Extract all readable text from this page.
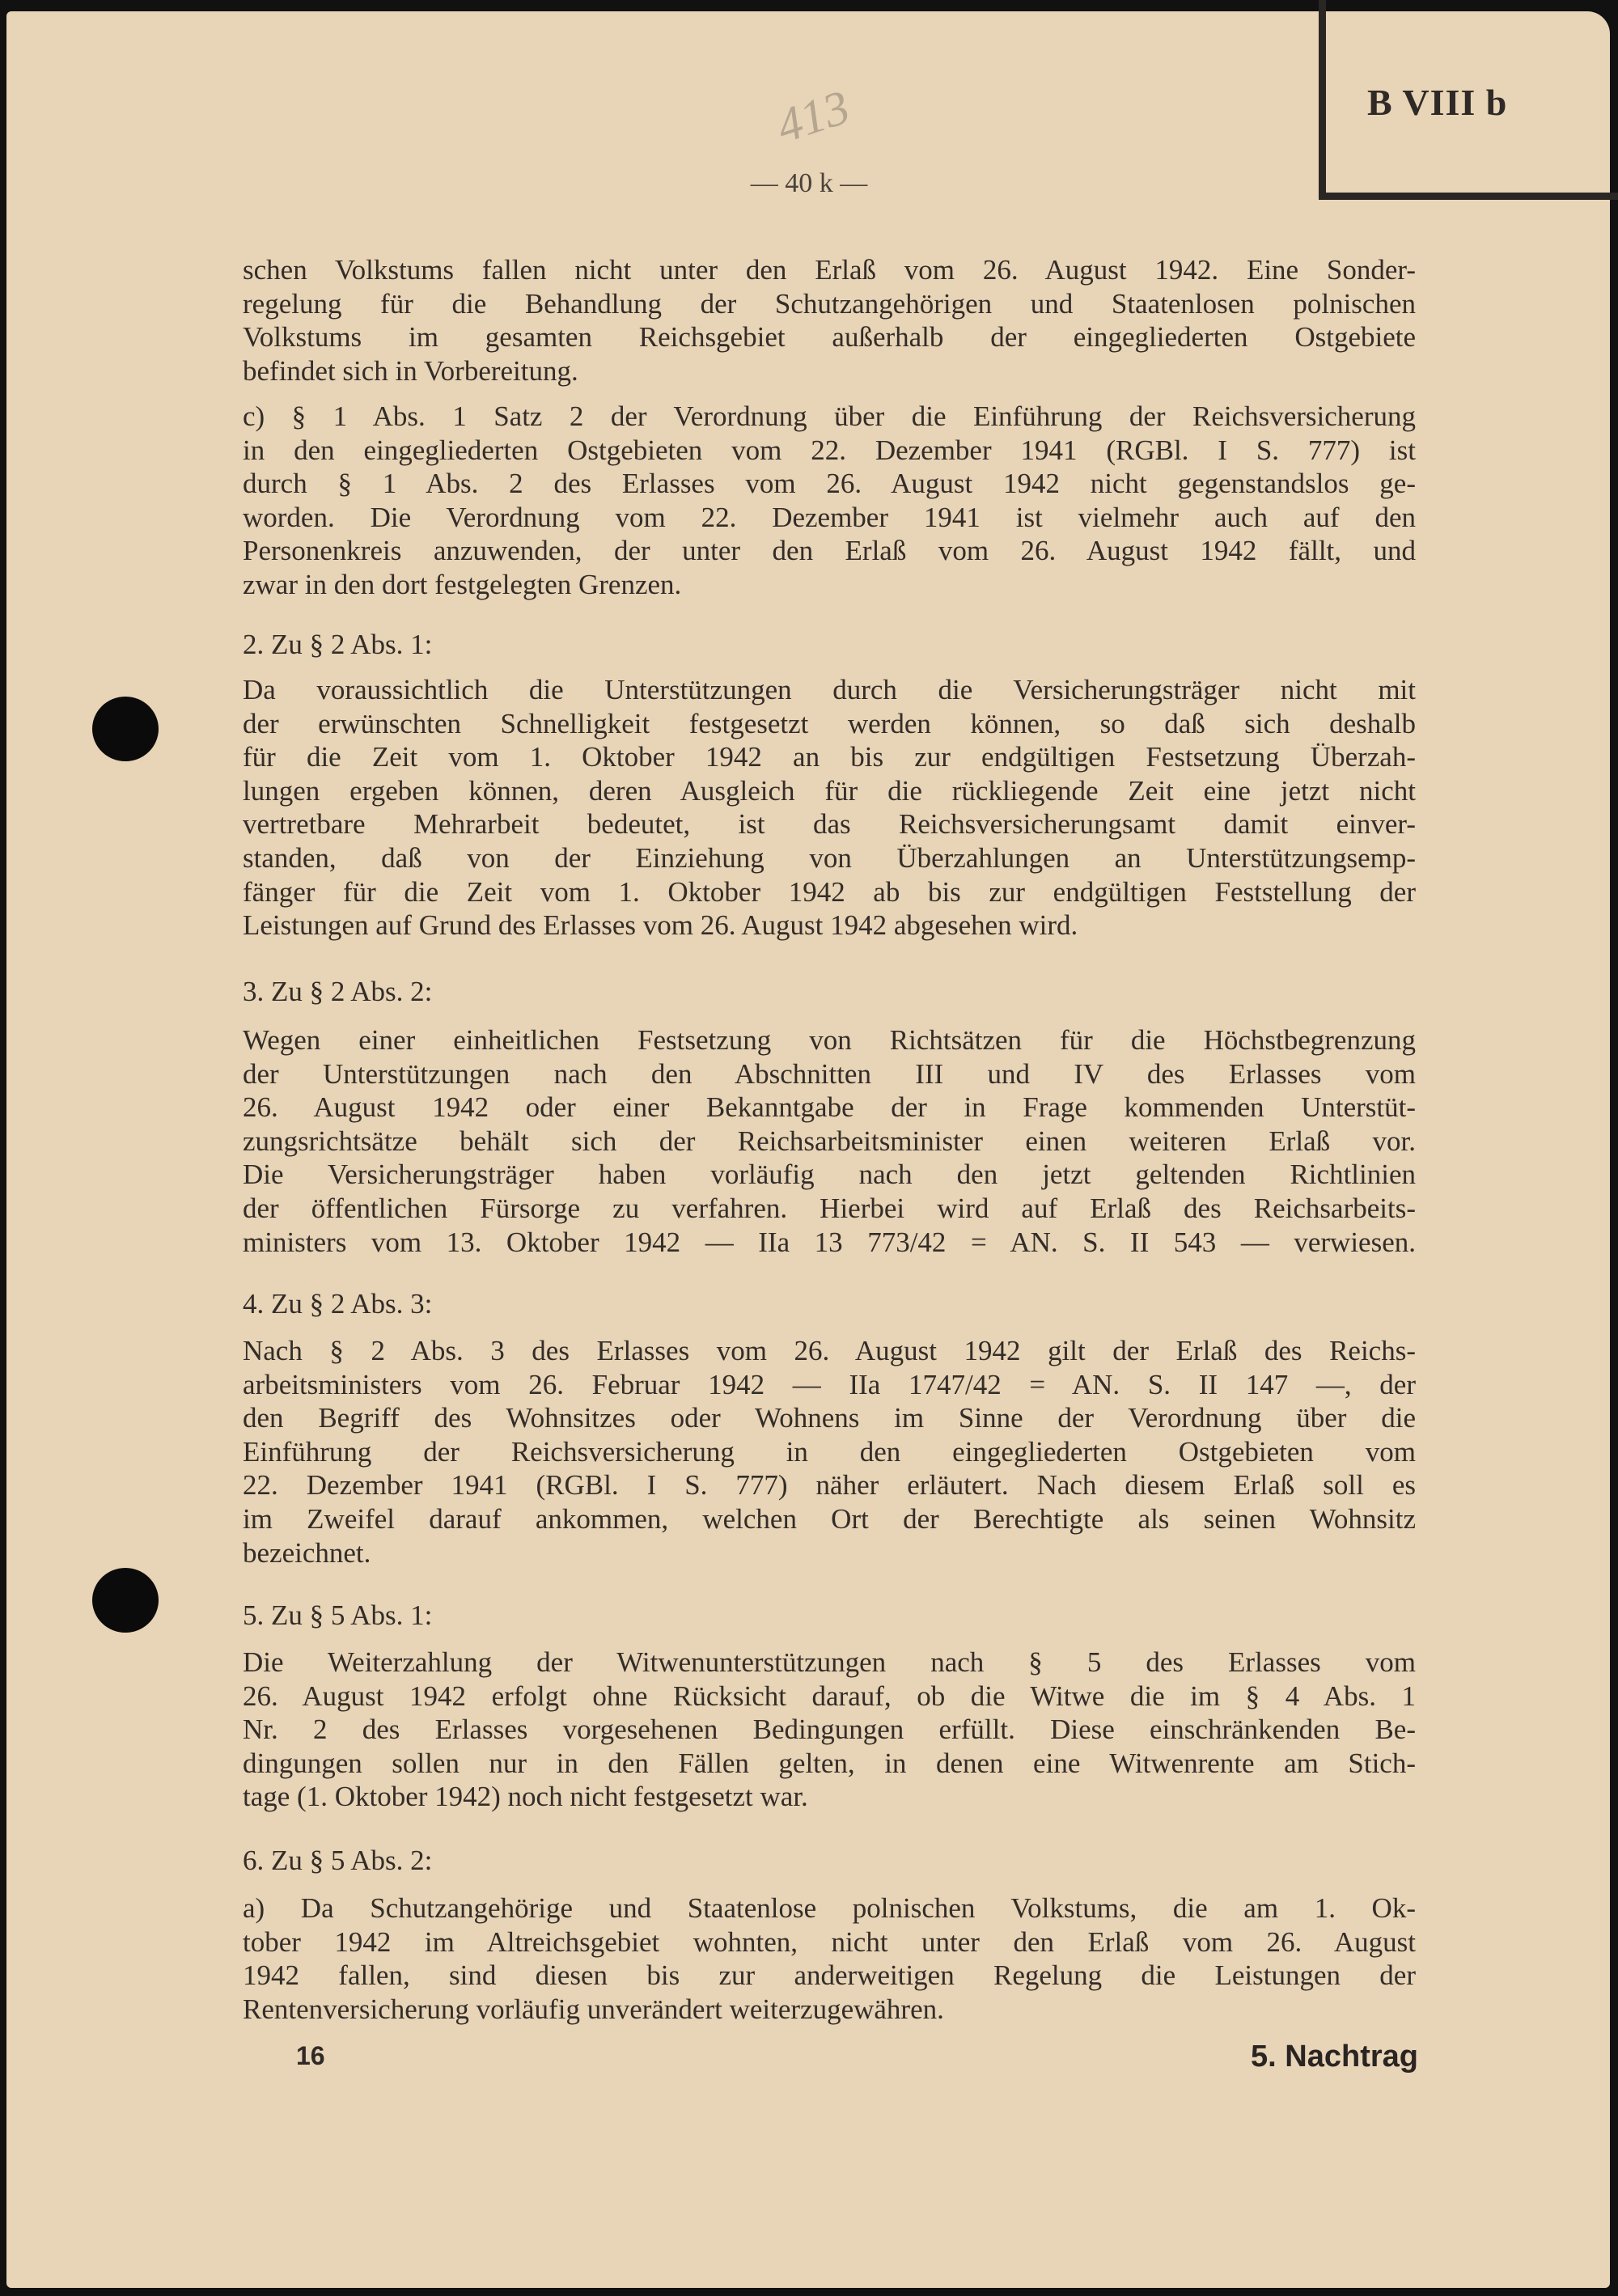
B VIII b
413
— 40 k —
schen Volkstums fallen nicht unter den Erlaß vom 26. August 1942. Eine Sonder-
regelung für die Behandlung der Schutzangehörigen und Staatenlosen polnischen
Volkstums im gesamten Reichsgebiet außerhalb der eingegliederten Ostgebiete
befindet sich in Vorbereitung.
c) § 1 Abs. 1 Satz 2 der Verordnung über die Einführung der Reichsversicherung
in den eingegliederten Ostgebieten vom 22. Dezember 1941 (RGBl. I S. 777) ist
durch § 1 Abs. 2 des Erlasses vom 26. August 1942 nicht gegenstandslos ge-
worden. Die Verordnung vom 22. Dezember 1941 ist vielmehr auch auf den
Personenkreis anzuwenden, der unter den Erlaß vom 26. August 1942 fällt, und
zwar in den dort festgelegten Grenzen.
2. Zu § 2 Abs. 1:
Da voraussichtlich die Unterstützungen durch die Versicherungsträger nicht mit
der erwünschten Schnelligkeit festgesetzt werden können, so daß sich deshalb
für die Zeit vom 1. Oktober 1942 an bis zur endgültigen Festsetzung Überzah-
lungen ergeben können, deren Ausgleich für die rückliegende Zeit eine jetzt nicht
vertretbare Mehrarbeit bedeutet, ist das Reichsversicherungsamt damit einver-
standen, daß von der Einziehung von Überzahlungen an Unterstützungsemp-
fänger für die Zeit vom 1. Oktober 1942 ab bis zur endgültigen Feststellung der
Leistungen auf Grund des Erlasses vom 26. August 1942 abgesehen wird.
3. Zu § 2 Abs. 2:
Wegen einer einheitlichen Festsetzung von Richtsätzen für die Höchstbegrenzung
der Unterstützungen nach den Abschnitten III und IV des Erlasses vom
26. August 1942 oder einer Bekanntgabe der in Frage kommenden Unterstüt-
zungsrichtsätze behält sich der Reichsarbeitsminister einen weiteren Erlaß vor.
Die Versicherungsträger haben vorläufig nach den jetzt geltenden Richtlinien
der öffentlichen Fürsorge zu verfahren. Hierbei wird auf Erlaß des Reichsarbeits-
ministers vom 13. Oktober 1942 — IIa 13 773/42 = AN. S. II 543 — verwiesen.
4. Zu § 2 Abs. 3:
Nach § 2 Abs. 3 des Erlasses vom 26. August 1942 gilt der Erlaß des Reichs-
arbeitsministers vom 26. Februar 1942 — IIa 1747/42 = AN. S. II 147 —, der
den Begriff des Wohnsitzes oder Wohnens im Sinne der Verordnung über die
Einführung der Reichsversicherung in den eingegliederten Ostgebieten vom
22. Dezember 1941 (RGBl. I S. 777) näher erläutert. Nach diesem Erlaß soll es
im Zweifel darauf ankommen, welchen Ort der Berechtigte als seinen Wohnsitz
bezeichnet.
5. Zu § 5 Abs. 1:
Die Weiterzahlung der Witwenunterstützungen nach § 5 des Erlasses vom
26. August 1942 erfolgt ohne Rücksicht darauf, ob die Witwe die im § 4 Abs. 1
Nr. 2 des Erlasses vorgesehenen Bedingungen erfüllt. Diese einschränkenden Be-
dingungen sollen nur in den Fällen gelten, in denen eine Witwenrente am Stich-
tage (1. Oktober 1942) noch nicht festgesetzt war.
6. Zu § 5 Abs. 2:
a) Da Schutzangehörige und Staatenlose polnischen Volkstums, die am 1. Ok-
tober 1942 im Altreichsgebiet wohnten, nicht unter den Erlaß vom 26. August
1942 fallen, sind diesen bis zur anderweitigen Regelung die Leistungen der
Rentenversicherung vorläufig unverändert weiterzugewähren.
16	5. Nachtrag
